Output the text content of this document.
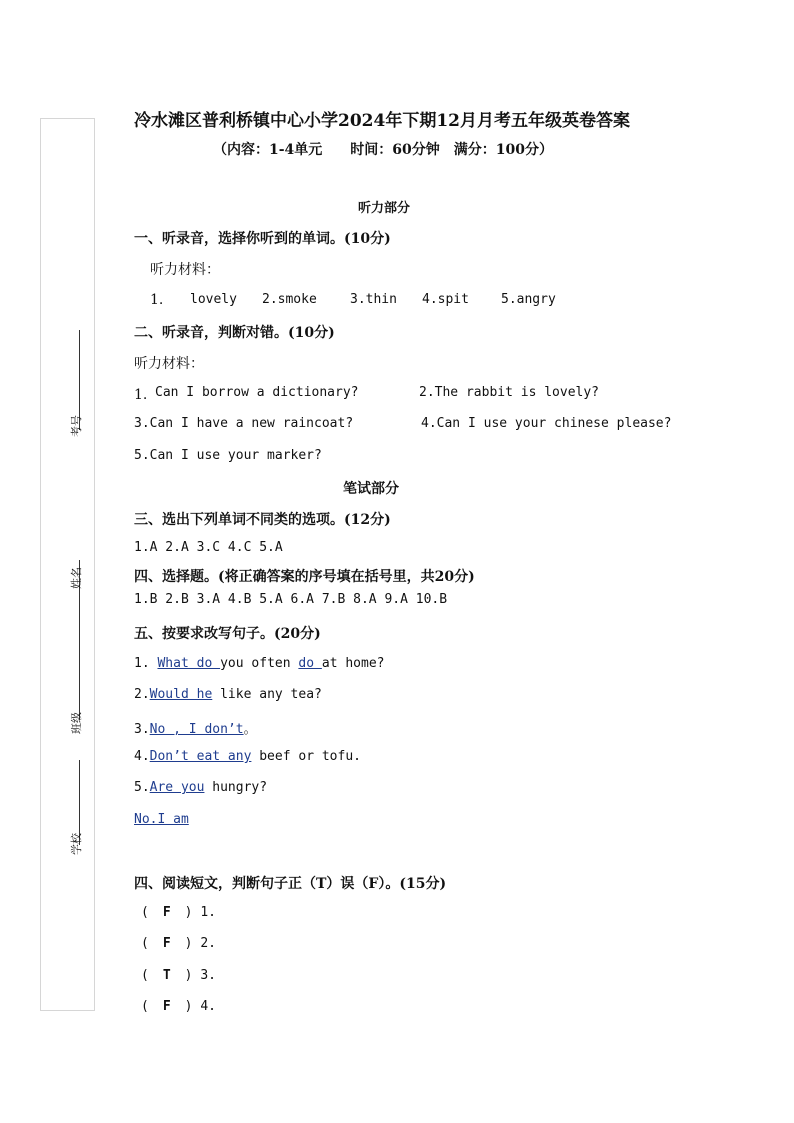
考号
姓名
班级
学校
冷水滩区普利桥镇中心小学2024年下期12月月考五年级英卷答案
（内容：1-4单元　　时间：60分钟　满分：100分）
听力部分
一、听录音，选择你听到的单词。(10分)
听力材料：
1. lovely 2.smoke	3.thin 4.spit 5.angry
二、听录音，判断对错。(10分)
听力材料：
1. Can I borrow a dictionary?	2.The rabbit is lovely?
3.Can I have a new raincoat?	4.Can I use your chinese please?
5.Can I use your marker?
笔试部分
三、选出下列单词不同类的选项。(12分)
1.A 2.A 3.C 4.C 5.A
四、选择题。(将正确答案的序号填在括号里，共20分)
1.B 2.B 3.A 4.B 5.A 6.A 7.B 8.A 9.A 10.B
五、按要求改写句子。(20分)
1. What do you often do at home?
2.Would he like any tea?
3.No , I don’t。
4.Don’t eat any beef or tofu.
5.Are you hungry?
No.I am
四、阅读短文，判断句子正（T）误（F）。(15分)
( F ) 1.
( F ) 2.
( T ) 3.
( F ) 4.
